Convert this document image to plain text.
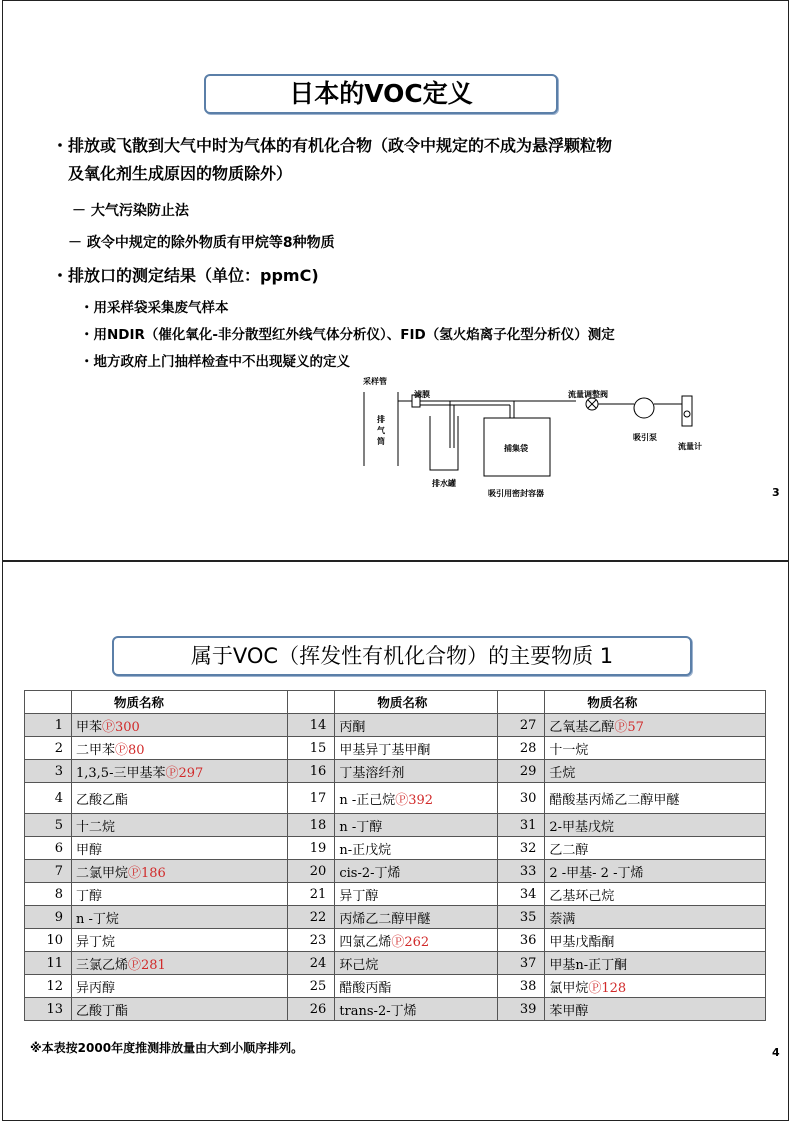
日本的VOC定义
・排放或飞散到大气中时为气体的有机化合物（政令中规定的不成为悬浮颗粒物
及氧化剂生成原因的物质除外）
－ 大气污染防止法
－ 政令中规定的除外物质有甲烷等8种物质
・排放口的测定结果（单位：ppmC)
・用采样袋采集废气样本
・用NDIR（催化氧化-非分散型红外线气体分析仪）、FID（氢火焰离子化型分析仪）测定
・地方政府上门抽样检查中不出现疑义的定义
采样管
滤膜	流量调整阀
排气筒
捕集袋
吸引泵
流量计
排水罐
吸引用密封容器	3
属于VOC（挥发性有机化合物）的主要物质 1
	物质名称		物质名称		物质名称
1	甲苯Ⓟ300	14	丙酮	27	乙氧基乙醇Ⓟ57
2	二甲苯Ⓟ80	15	甲基异丁基甲酮	28	十一烷
3	1,3,5-三甲基苯Ⓟ297	16	丁基溶纤剂	29	壬烷
4	乙酸乙酯	17	n -正己烷Ⓟ392	30	醋酸基丙烯乙二醇甲醚
5	十二烷	18	n -丁醇	31	2-甲基戊烷
6	甲醇	19	n-正戊烷	32	乙二醇
7	二氯甲烷Ⓟ186	20	cis-2-丁烯	33	2 -甲基- 2 -丁烯
8	丁醇	21	异丁醇	34	乙基环己烷
9	n -丁烷	22	丙烯乙二醇甲醚	35	萘满
10	异丁烷	23	四氯乙烯Ⓟ262	36	甲基戊酯酮
11	三氯乙烯Ⓟ281	24	环己烷	37	甲基n-正丁酮
12	异丙醇	25	醋酸丙酯	38	氯甲烷Ⓟ128
13	乙酸丁酯	26	trans-2-丁烯	39	苯甲醇
※本表按2000年度推测排放量由大到小顺序排列。	4
